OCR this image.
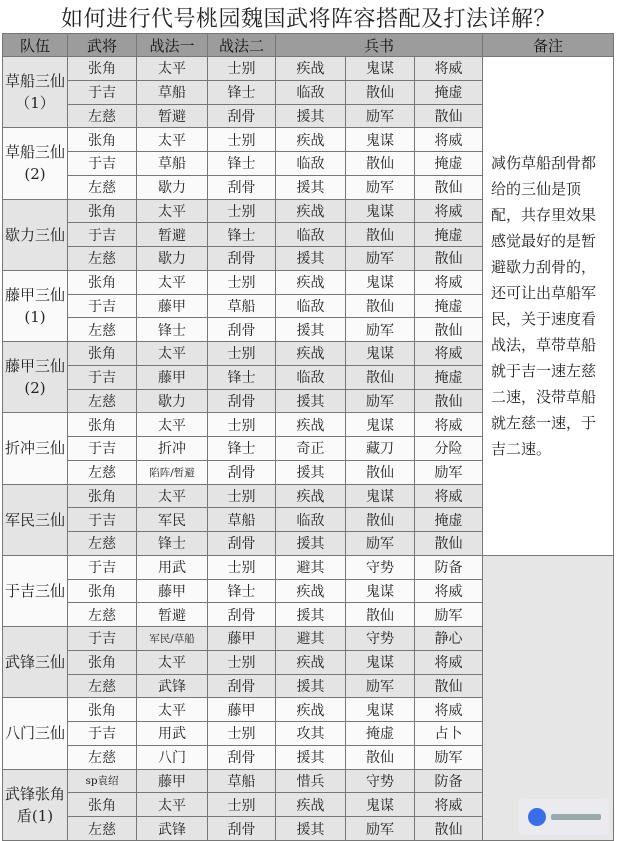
如何进行代号桃园魏国武将阵容搭配及打法详解？
队伍	武将	战法一	战法二	兵书			备注
草船三仙（1）	张角	太平	士别	疾战	鬼谋	将威	减伤草船刮骨都给的三仙是顶配，共存里效果感觉最好的是暂避歇力刮骨的，还可让出草船军民，关于速度看战法，草带草船就于吉一速左慈二速，没带草船就左慈一速，于吉二速。
	于吉	草船	锋士	临敌	散仙	掩虚	
	左慈	暂避	刮骨	援其	励军	散仙	
草船三仙(2)	张角	太平	士别	疾战	鬼谋	将威	
	于吉	草船	锋士	临敌	散仙	掩虚	
	左慈	歇力	刮骨	援其	励军	散仙	
歇力三仙	张角	太平	士别	疾战	鬼谋	将威	
	于吉	暂避	锋士	临敌	散仙	掩虚	
	左慈	歇力	刮骨	援其	励军	散仙	
藤甲三仙(1)	张角	太平	士别	疾战	鬼谋	将威	
	于吉	藤甲	草船	临敌	散仙	掩虚	
	左慈	锋士	刮骨	援其	励军	散仙	
藤甲三仙(2)	张角	太平	士别	疾战	鬼谋	将威	
	于吉	藤甲	锋士	临敌	散仙	掩虚	
	左慈	歇力	刮骨	援其	励军	散仙	
折冲三仙	张角	太平	士别	疾战	鬼谋	将威	
	于吉	折冲	锋士	奇正	藏刀	分险	
	左慈	陷阵/暂避	刮骨	援其	散仙	励军	
军民三仙	张角	太平	士别	疾战	鬼谋	将威	
	于吉	军民	草船	临敌	散仙	掩虚	
	左慈	锋士	刮骨	援其	励军	散仙	
于吉三仙	于吉	用武	士别	避其	守势	防备	
	张角	藤甲	锋士	疾战	鬼谋	将威	
	左慈	暂避	刮骨	援其	散仙	励军	
武锋三仙	于吉	军民/草船	藤甲	避其	守势	静心	
	张角	太平	士别	疾战	鬼谋	将威	
	左慈	武锋	刮骨	援其	励军	散仙	
八门三仙	张角	太平	藤甲	疾战	鬼谋	将威	
	于吉	用武	士别	攻其	掩虚	占卜	
	左慈	八门	刮骨	援其	散仙	励军	
武锋张角盾(1)	sp袁绍	藤甲	草船	惜兵	守势	防备	
	张角	太平	士别	疾战	鬼谋	将威	
	左慈	武锋	刮骨	援其	励军	散仙	
